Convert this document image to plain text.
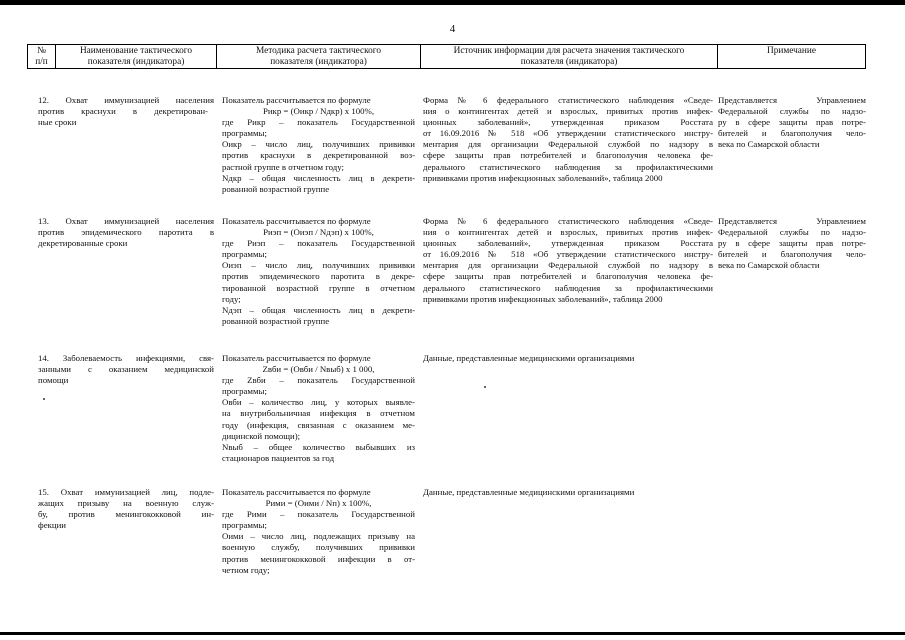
4
№
п/п
Наименование тактического
показателя (индикатора)
Методика расчета тактического
показателя (индикатора)
Источник информации для расчета значения тактического
показателя (индикатора)
Примечание
12. Охват иммунизацией населения
против краснухи в декретирован-
ные сроки
Показатель рассчитывается по формуле
Pикр = (Oикр / Nдкр) x 100%,
где Pикр – показатель Государственной
программы;
Oикр – число лиц, получивших прививки
против краснухи в декретированной воз-
растной группе в отчетном году;
Nдкр – общая численность лиц в декрети-
рованной возрастной группе
Форма № 6 федерального статистического наблюдения «Сведе-
ния о контингентах детей и взрослых, привитых против инфек-
ционных заболеваний», утвержденная приказом Росстата
от 16.09.2016 № 518 «Об утверждении статистического инстру-
ментария для организации Федеральной службой по надзору в
сфере защиты прав потребителей и благополучия человека фе-
дерального статистического наблюдения за профилактическими
прививками против инфекционных заболеваний», таблица 2000
Представляется Управлением
Федеральной службы по надзо-
ру в сфере защиты прав потре-
бителей и благополучия чело-
века по Самарской области
13. Охват иммунизацией населения
против эпидемического паротита в
декретированные сроки
Показатель рассчитывается по формуле
Pиэп = (Oиэп / Nдэп) x 100%,
где Pиэп – показатель Государственной
программы;
Oиэп – число лиц, получивших прививки
против эпидемического паротита в декре-
тированной возрастной группе в отчетном
году;
Nдэп – общая численность лиц в декрети-
рованной возрастной группе
Форма № 6 федерального статистического наблюдения «Сведе-
ния о контингентах детей и взрослых, привитых против инфек-
ционных заболеваний», утвержденная приказом Росстата
от 16.09.2016 № 518 «Об утверждении статистического инстру-
ментария для организации Федеральной службой по надзору в
сфере защиты прав потребителей и благополучия человека фе-
дерального статистического наблюдения за профилактическими
прививками против инфекционных заболеваний», таблица 2000
Представляется Управлением
Федеральной службы по надзо-
ру в сфере защиты прав потре-
бителей и благополучия чело-
века по Самарской области
14. Заболеваемость инфекциями, свя-
занными с оказанием медицинской
помощи
Показатель рассчитывается по формуле
Zвби = (Oвби / Nвыб) x 1 000,
где Zвби – показатель Государственной
программы;
Oвби – количество лиц, у которых выявле-
на внутрибольничная инфекция в отчетном
году (инфекция, связанная с оказанием ме-
дицинской помощи);
Nвыб – общее количество выбывших из
стационаров пациентов за год
Данные, представленные медицинскими организациями
15. Охват иммунизацией лиц, подле-
жащих призыву на военную служ-
бу, против менингококковой ин-
фекции
Показатель рассчитывается по формуле
Pими = (Oими / Nп) x 100%,
где Pими – показатель Государственной
программы;
Oими – число лиц, подлежащих призыву на
военную службу, получивших прививки
против менингококковой инфекции в от-
четном году;
Данные, представленные медицинскими организациями
